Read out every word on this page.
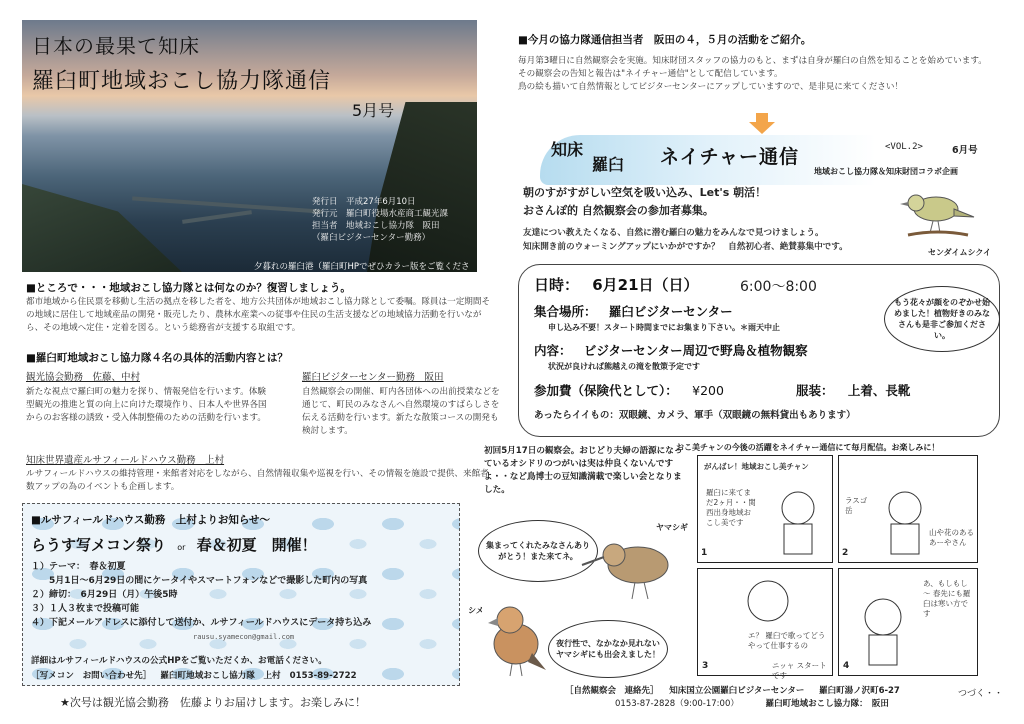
日本の最果て知床
羅臼町地域おこし協力隊通信
5月号
発行日　平成27年6月10日
発行元　羅臼町役場水産商工観光課
担当者　地域おこし協力隊　阪田
（羅臼ビジターセンター勤務）
夕暮れの羅臼港（羅臼町HPでぜひカラー版をご覧ください）
■ところで・・・地域おこし協力隊とは何なのか？復習しましょう。
都市地域から住民票を移動し生活の拠点を移した者を、地方公共団体が地域おこし協力隊として委嘱。隊員は一定期間その地域に居住して地域産品の開発・販売したり、農林水産業への従事や住民の生活支援などの地域協力活動を行いながら、その地域へ定住・定着を図る。という総務省が支援する取組です。
■羅臼町地域おこし協力隊４名の具体的活動内容とは？
観光協会勤務　佐藤、中村
新たな視点で羅臼町の魅力を探り、情報発信を行います。体験型観光の推進と質の向上に向けた環境作り、日本人や世界各国からのお客様の誘致・受入体制整備のための活動を行います。
羅臼ビジターセンター勤務　阪田
自然観察会の開催、町内各団体への出前授業などを通じて、町民のみなさんへ自然環境のすばらしさを伝える活動を行います。新たな散策コースの開発も検討します。
知床世界遺産ルサフィールドハウス勤務　上村
ルサフィールドハウスの維持管理・来館者対応をしながら、自然情報収集や巡視を行い、その情報を施設で提供、来館者数アップの為のイベントも企画します。
■ルサフィールドハウス勤務　上村よりお知らせ～
らうす写メコン祭り or 春＆初夏　開催！
１）テーマ：　春＆初夏
　　5月1日～6月29日の間にケータイやスマートフォンなどで撮影した町内の写真
２）締切：　6月29日（月）午後5時
３）１人３枚まで投稿可能
４）下記メールアドレスに添付して送付か、ルサフィールドハウスにデータ持ち込み
rausu.syamecon@gmail.com
詳細はルサフィールドハウスの公式HPをご覧いただくか、お電話ください。
［写メコン　お問い合わせ先］ 羅臼町地域おこし協力隊　上村 0153-89-2722
★次号は観光協会勤務　佐藤よりお届けします。お楽しみに！
■今月の協力隊通信担当者　阪田の４，５月の活動をご紹介。
毎月第3曜日に自然観察会を実施。知床財団スタッフの協力のもと、まずは自身が羅臼の自然を知ることを始めています。
その観察会の告知と報告は"ネイチャー通信"として配信しています。
鳥の絵も描いて自然情報としてビジターセンターにアップしていますので、是非見に来てください！
知床
羅臼 ネイチャー通信	<VOL.2>	6月号
地域おこし協力隊＆知床財団コラボ企画
朝のすがすがしい空気を吸い込み、Let's 朝活！
おさんぽ的 自然観察会の参加者募集。
友達につい教えたくなる、自然に潜む羅臼の魅力をみんなで見つけましょう。
知床開き前のウォーミングアップにいかがですか？　自然初心者、絶賛募集中です。
センダイムシクイ
日時： 6月21日（日）	6:00～8:00
集合場所： 羅臼ビジターセンター
申し込み不要！スタート時間までにお集まり下さい。＊雨天中止
内容： ビジターセンター周辺で野鳥＆植物観察
状況が良ければ熊越えの滝を散策予定です
参加費（保険代として）： ¥200	服装： 上着、長靴
あったらイイもの：双眼鏡、カメラ、軍手（双眼鏡の無料貸出もあります）
もう花々が顔をのぞかせ始めました！植物好きのみなさんも是非ご参加ください。
初回5月17日の観察会。おじどり夫婦の語源になっているオシドリのつがいは実は仲良くないんですよ・・など鳥博士の豆知識満載で楽しい会となりました。
集まってくれたみなさんありがとう！また来てネ。
夜行性で、なかなか見れないヤマシギにも出会えました！
ヤマシギ
シメ
おこ美チャンの今後の活躍をネイチャー通信にて毎月配信。お楽しみに！
がんばレ！地域おこし美チャン
羅臼に来てまだ2ヶ月・・関西出身地域おこし美です
ラスゴ岳
山や花のあるあーやさん
エ？ 羅臼で歌ってどうやって仕事するの
ニッャ スタートです
3
あ、もしもし～ 春先にも羅臼は寒い方です
4
1	2
つづく・・
［自然観察会　連絡先］ 知床国立公園羅臼ビジターセンター 羅臼町湯ノ沢町6-27
0153-87-2828（9:00-17:00）	羅臼町地域おこし協力隊：　阪田
